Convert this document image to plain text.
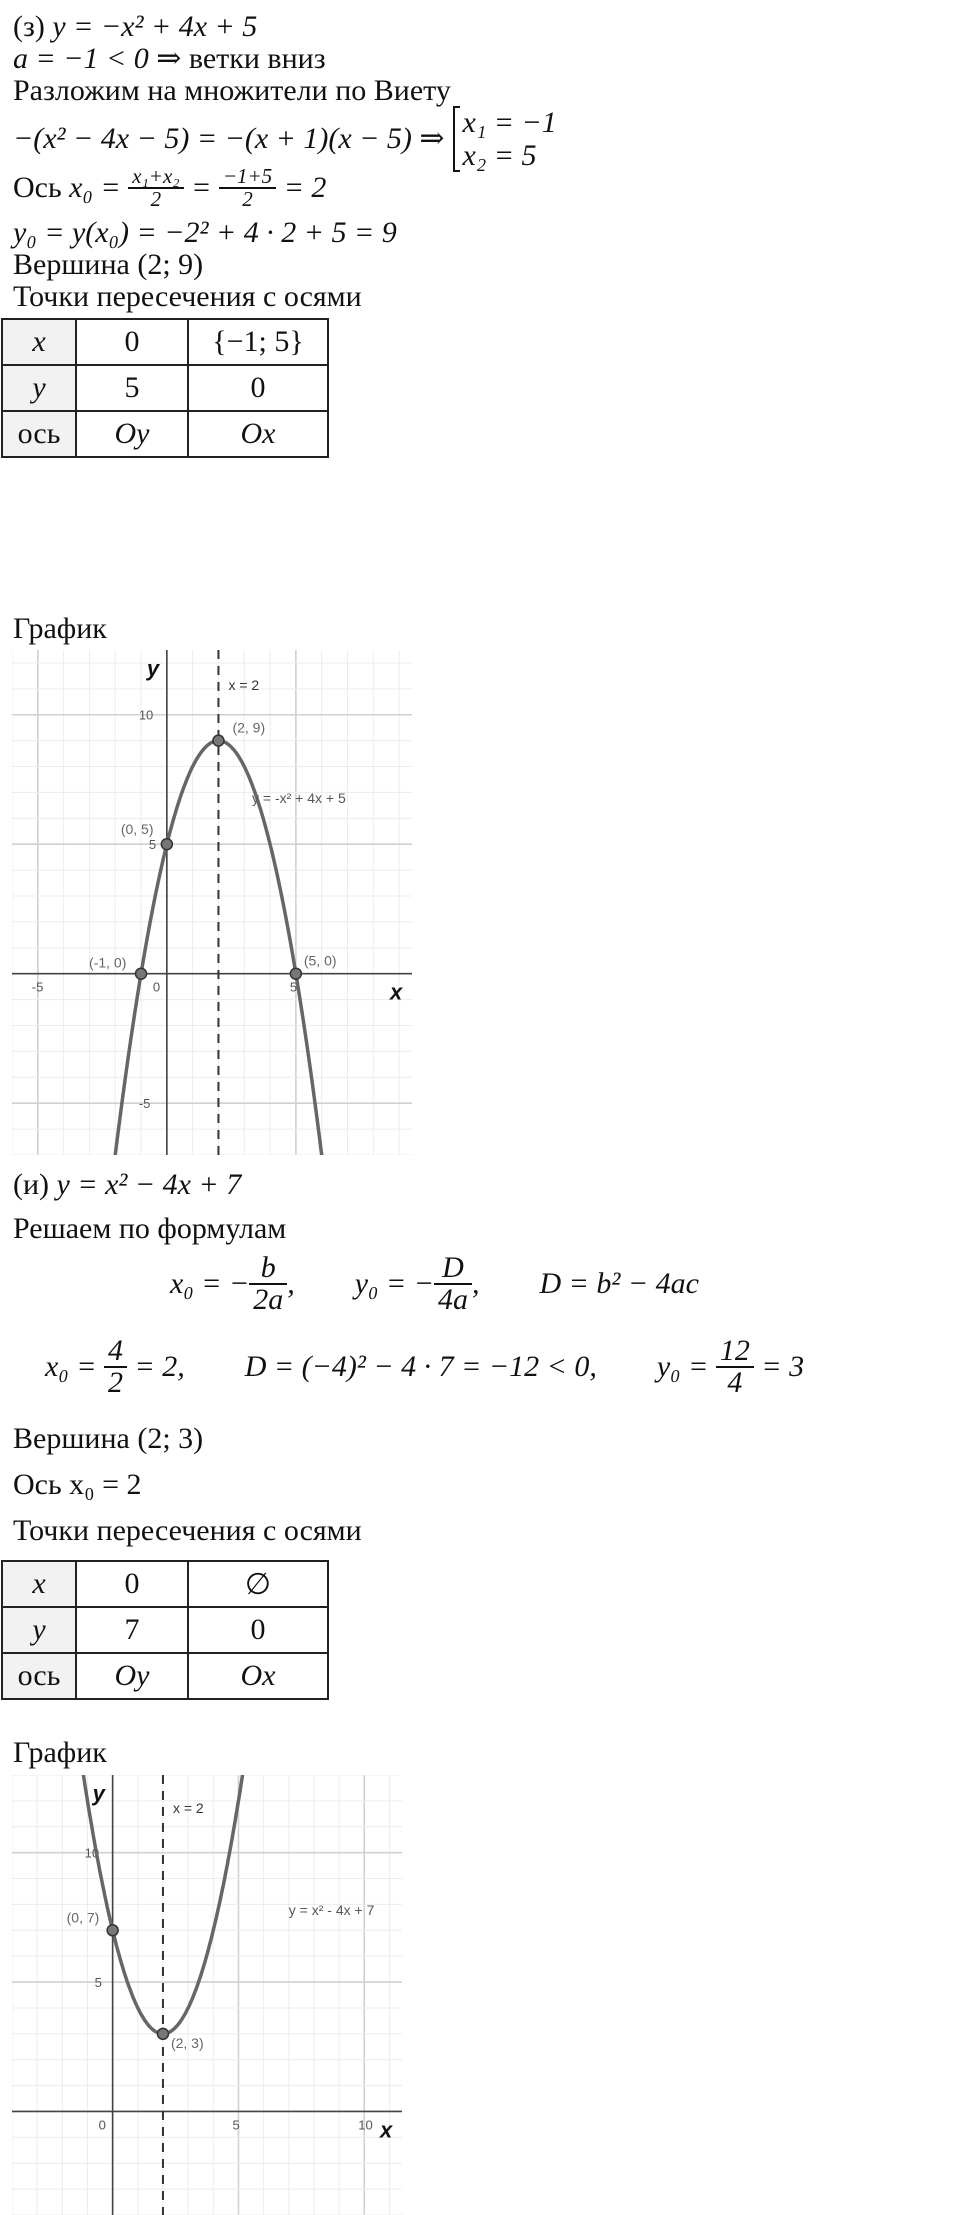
(з) y = −x² + 4x + 5
a = −1 < 0 ⇒ ветки вниз
Разложим на множители по Виету
−(x² − 4x − 5) = −(x + 1)(x − 5) ⇒ x₁ = −1
x₂ = 5
Ось
x₀ =
$\frac{\text{x₁+x₂}}{2}$
=
$\frac{-1+5}{2}$
= 2
y₀ = y(x₀) = −2² + 4 · 2 + 5 = 9
Вершина (2; 9)
Точки пересечения с осями
x	0	{−1; 5}
y	5	0
ось	Oy	Ox
График
x
y
-5	0	5
10
5
-5
x = 2
y = -x² + 4x + 5
(-1, 0)
(0, 5)
(2, 9)
(5, 0)
(и) y = x² − 4x + 7
Решаем по формулам
x₀ = − $\frac{b}{2a}$ , y₀ = − $\frac{D}{4a}$ , D = b² − 4ac
x₀ =
$\frac{4}{2}$
= 2, D = (−4)² − 4 · 7 = −12 < 0, y₀ =
$\frac{12}{4}$
= 3
Вершина (2; 3)
Ось x₀ = 2
Точки пересечения с осями
x	0	∅
y	7	0
ось	Oy	Ox
График
x
y
0	5	10
10
5
x = 2
y = x² - 4x + 7
(0, 7)
(2, 3)
